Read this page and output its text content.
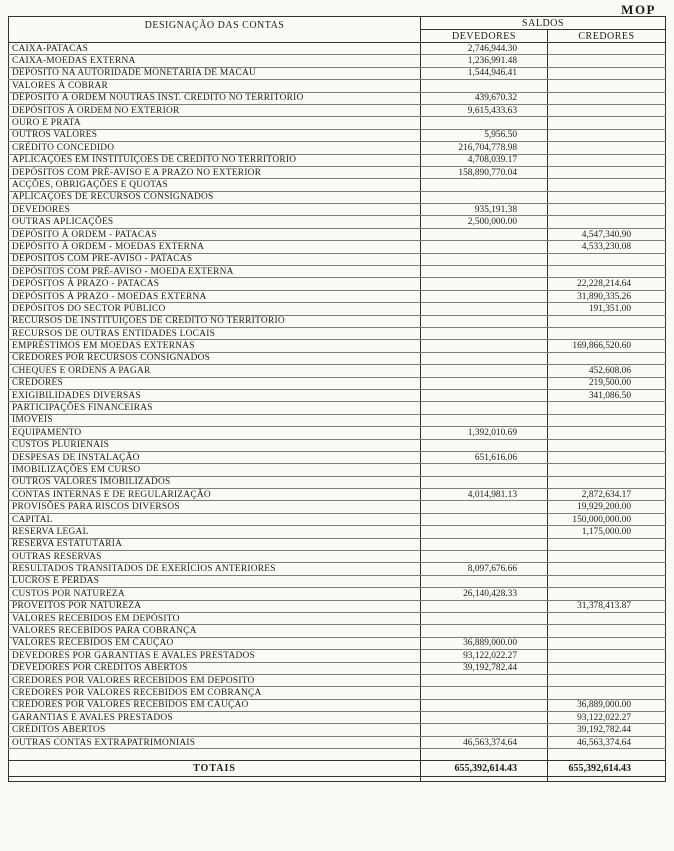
MOP
DESIGNAÇÃO DAS CONTAS	SALDOS	
	DEVEDORES	CREDORES
CAIXA-PATACAS	2,746,944.30	
CAIXA-MOEDAS EXTERNA	1,236,991.48	
DEPÓSITO NA AUTORIDADE MONETÁRIA DE MACAU	1,544,946.41	
VALORES À COBRAR		
DEPÓSITO À ORDEM NOUTRAS INST. CRÉDITO NO TERRITÓRIO	439,670.32	
DEPÓSITOS À ORDEM NO EXTERIOR	9,615,433.63	
OURO E PRATA		
OUTROS VALORES	5,956.50	
CRÉDITO CONCEDIDO	216,704,778.98	
APLICAÇÕES EM INSTITUIÇÕES DE CRÉDITO NO TERRITÓRIO	4,708,039.17	
DEPÓSITOS COM PRÉ-AVISO E A PRAZO NO EXTERIOR	158,890,770.04	
ACÇÕES, OBRIGAÇÕES E QUOTAS		
APLICAÇÕES DE RECURSOS CONSIGNADOS		
DEVEDORES	935,191.38	
OUTRAS APLICAÇÕES	2,500,000.00	
DEPÓSITO À ORDEM - PATACAS		4,547,340.90
DEPÓSITO À ORDEM - MOEDAS EXTERNA		4,533,230.08
DEPÓSITOS COM PRÉ-AVISO - PATACAS		
DEPÓSITOS COM PRÉ-AVISO - MOEDA EXTERNA		
DEPÓSITOS À PRAZO - PATACAS		22,228,214.64
DEPÓSITOS À PRAZO - MOEDAS EXTERNA		31,890,335.26
DEPÓSITOS DO SECTOR PÚBLICO		191,351.00
RECURSOS DE INSTITUIÇÕES DE CRÉDITO NO TERRITÓRIO		
RECURSOS DE OUTRAS ENTIDADES LOCAIS		
EMPRÉSTIMOS EM MOEDAS EXTERNAS		169,866,520.60
CREDORES POR RECURSOS CONSIGNADOS		
CHEQUES E ORDENS A PAGAR		452,608.06
CREDORES		219,500.00
EXIGIBILIDADES DIVERSAS		341,086.50
PARTICIPAÇÕES FINANCEIRAS		
IMÓVEIS		
EQUIPAMENTO	1,392,010.69	
CUSTOS PLURIENAIS		
DESPESAS DE INSTALAÇÃO	651,616.06	
IMOBILIZAÇÕES EM CURSO		
OUTROS VALORES IMOBILIZADOS		
CONTAS INTERNAS E DE REGULARIZAÇÃO	4,014,981.13	2,872,634.17
PROVISÕES PARA RISCOS DIVERSOS		19,929,200.00
CAPITAL		150,000,000.00
RESERVA LEGAL		1,175,000.00
RESERVA ESTATUTÁRIA		
OUTRAS RESERVAS		
RESULTADOS TRANSITADOS DE EXERÍCIOS ANTERIORES	8,097,676.66	
LUCROS E PERDAS		
CUSTOS POR NATUREZA	26,140,428.33	
PROVEITOS POR NATUREZA		31,378,413.87
VALORES RECEBIDOS EM DEPÓSITO		
VALORES RECEBIDOS PARA COBRANÇA		
VALORES RECEBIDOS EM CAUÇÃO	36,889,000.00	
DEVEDORES POR GARANTIAS E AVALES PRESTADOS	93,122,022.27	
DEVEDORES POR CRÉDITOS ABERTOS	39,192,782.44	
CREDORES POR VALORES RECEBIDOS EM DEPOSITO		
CREDORES POR VALORES RECEBIDOS EM COBRANÇA		
CREDORES POR VALORES RECEBIDOS EM CAUÇÃO		36,889,000.00
GARANTIAS E AVALES PRESTADOS		93,122,022.27
CRÉDITOS ABERTOS		39,192,782.44
OUTRAS CONTAS EXTRAPATRIMONIAIS	46,563,374.64	46,563,374.64

TOTAIS	655,392,614.43	655,392,614.43
